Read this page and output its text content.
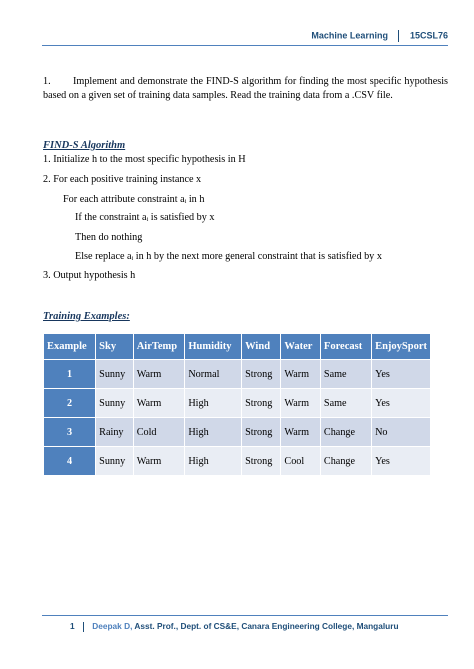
Machine Learning 15CSL76
1. Implement and demonstrate the FIND-S algorithm for finding the most specific hypothesis based on a given set of training data samples. Read the training data from a .CSV file.
FIND-S Algorithm
1. Initialize h to the most specific hypothesis in H
2. For each positive training instance x
For each attribute constraint aᵢ in h
If the constraint aᵢ is satisfied by x
Then do nothing
Else replace aᵢ in h by the next more general constraint that is satisfied by x
3. Output hypothesis h
Training Examples:
Example	Sky	AirTemp	Humidity	Wind	Water	Forecast	EnjoySport
1	Sunny	Warm	Normal	Strong	Warm	Same	Yes
2	Sunny	Warm	High	Strong	Warm	Same	Yes
3	Rainy	Cold	High	Strong	Warm	Change	No
4	Sunny	Warm	High	Strong	Cool	Change	Yes
1 Deepak D, Asst. Prof., Dept. of CS&E, Canara Engineering College, Mangaluru
